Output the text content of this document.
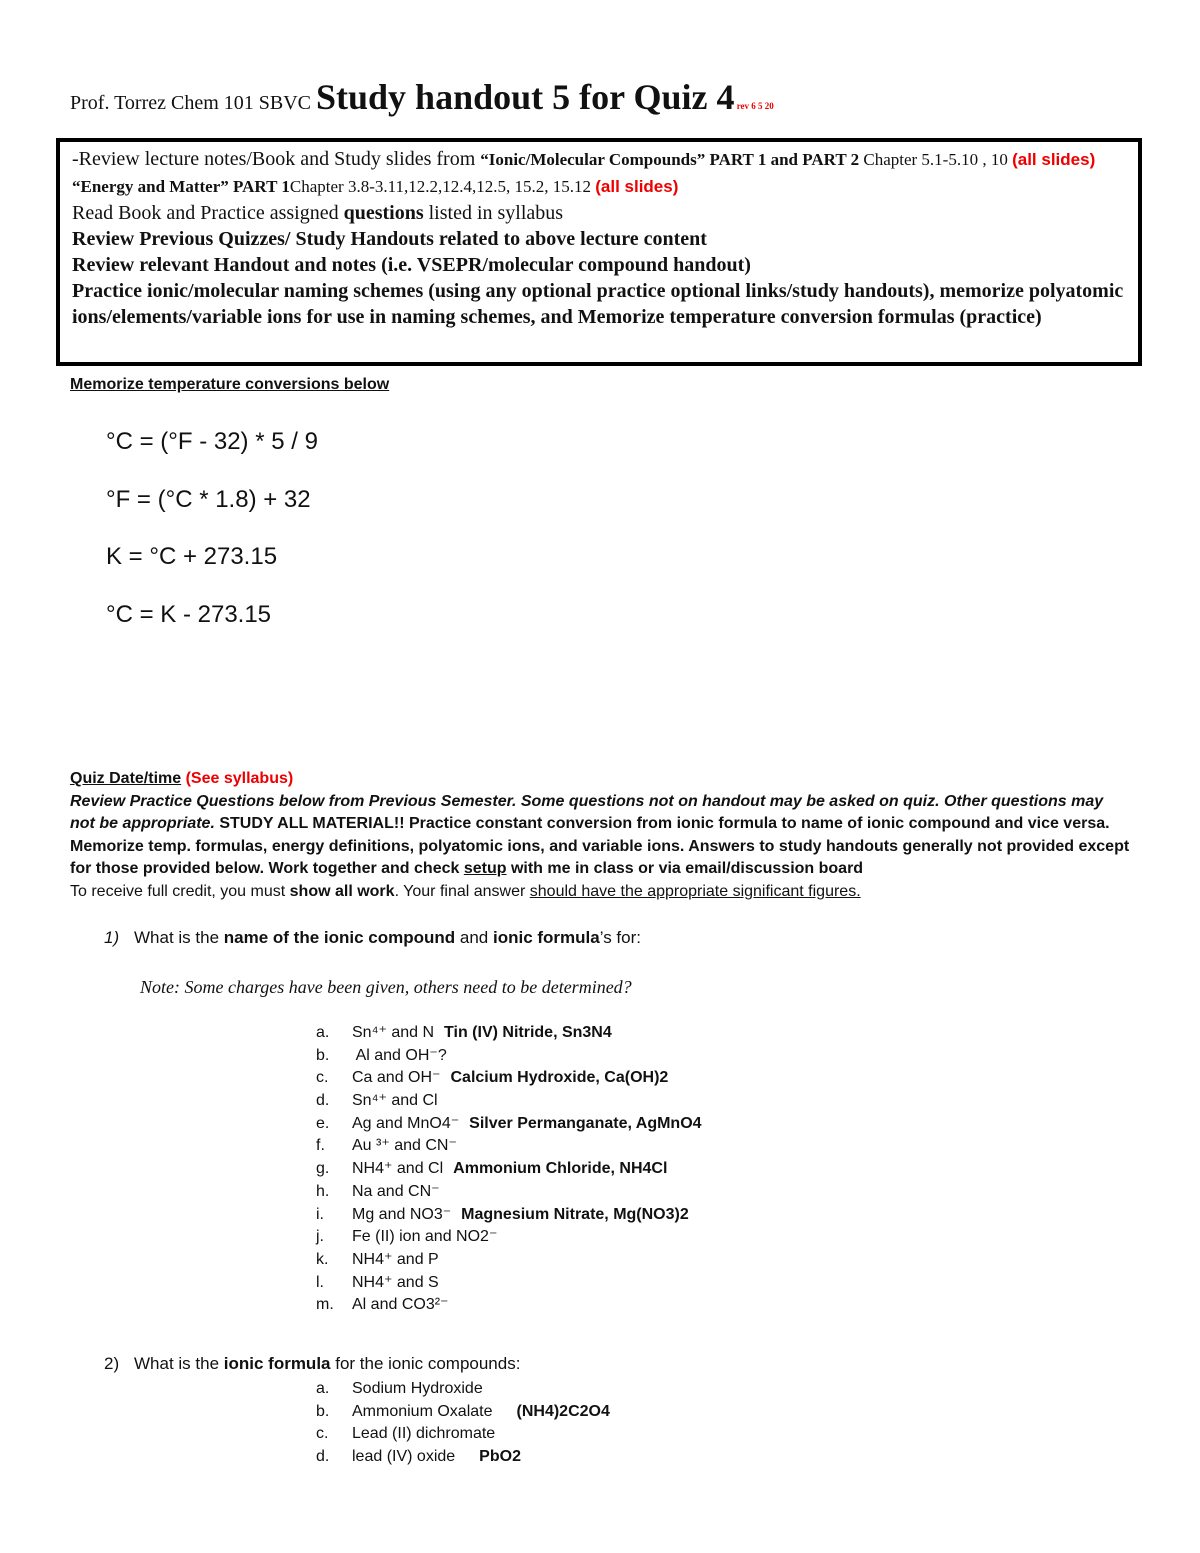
Prof. Torrez Chem 101 SBVC Study handout 5 for Quiz 4 rev 6 5 20
-Review lecture notes/Book and Study slides from “Ionic/Molecular Compounds” PART 1 and PART 2 Chapter 5.1-5.10 , 10 (all slides) “Energy and Matter” PART 1Chapter 3.8-3.11,12.2,12.4,12.5, 15.2, 15.12 (all slides)
Read Book and Practice assigned questions listed in syllabus
Review Previous Quizzes/ Study Handouts related to above lecture content
Review relevant Handout and notes (i.e. VSEPR/molecular compound handout)
Practice ionic/molecular naming schemes (using any optional practice optional links/study handouts), memorize polyatomic ions/elements/variable ions for use in naming schemes, and Memorize temperature conversion formulas (practice)
Memorize temperature conversions below
°C = (°F - 32) * 5 / 9
°F = (°C * 1.8) + 32
K = °C + 273.15
°C = K - 273.15
Quiz Date/time (See syllabus)
Review Practice Questions below from Previous Semester. Some questions not on handout may be asked on quiz. Other questions may not be appropriate. STUDY ALL MATERIAL!! Practice constant conversion from ionic formula to name of ionic compound and vice versa. Memorize temp. formulas, energy definitions, polyatomic ions, and variable ions. Answers to study handouts generally not provided except for those provided below. Work together and check setup with me in class or via email/discussion board
To receive full credit, you must show all work. Your final answer should have the appropriate significant figures.
1) What is the name of the ionic compound and ionic formula’s for:
Note: Some charges have been given, others need to be determined?
a. Sn⁴⁺ and N Tin (IV) Nitride, Sn3N4
b. Al and OH⁻?
c. Ca and OH⁻ Calcium Hydroxide, Ca(OH)2
d. Sn⁴⁺ and Cl
e. Ag and MnO4⁻ Silver Permanganate, AgMnO4
f. Au ³⁺ and CN⁻
g. NH4⁺ and Cl Ammonium Chloride, NH4Cl
h. Na and CN⁻
i. Mg and NO3⁻ Magnesium Nitrate, Mg(NO3)2
j. Fe (II) ion and NO2⁻
k. NH4⁺ and P
l. NH4⁺ and S
m. Al and CO3²⁻
2) What is the ionic formula for the ionic compounds:
a. Sodium Hydroxide
b. Ammonium Oxalate (NH4)2C2O4
c. Lead (II) dichromate
d. lead (IV) oxide PbO2
